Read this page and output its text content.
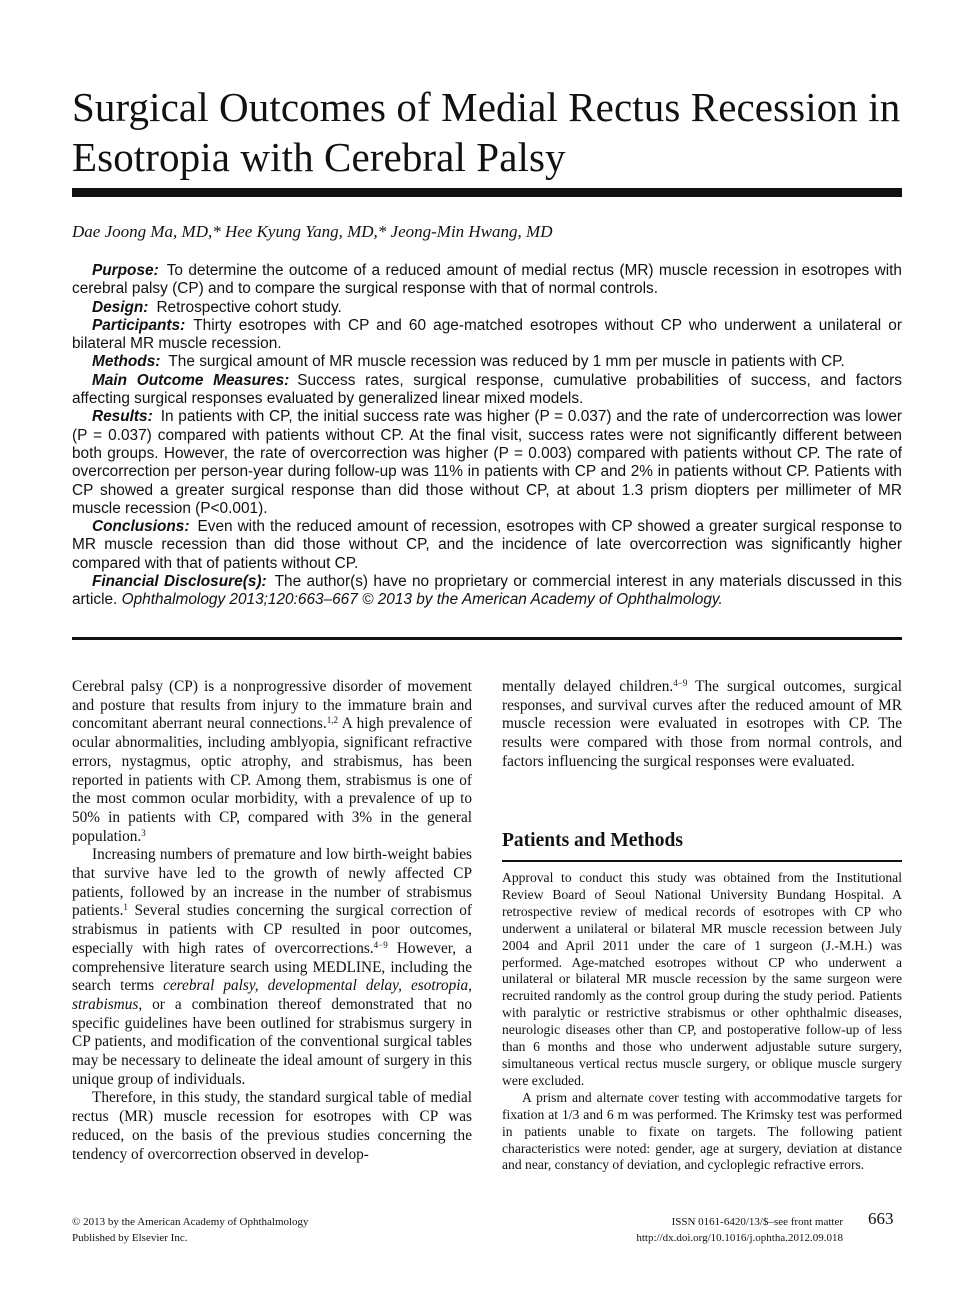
Surgical Outcomes of Medial Rectus Recession in Esotropia with Cerebral Palsy
Dae Joong Ma, MD,* Hee Kyung Yang, MD,* Jeong-Min Hwang, MD

Purpose: To determine the outcome of a reduced amount of medial rectus (MR) muscle recession in esotropes with cerebral palsy (CP) and to compare the surgical response with that of normal controls.

Design: Retrospective cohort study.

Participants: Thirty esotropes with CP and 60 age-matched esotropes without CP who underwent a unilateral or bilateral MR muscle recession.

Methods: The surgical amount of MR muscle recession was reduced by 1 mm per muscle in patients with CP.

Main Outcome Measures: Success rates, surgical response, cumulative probabilities of success, and factors affecting surgical responses evaluated by generalized linear mixed models.

Results: In patients with CP, the initial success rate was higher (P = 0.037) and the rate of undercorrection was lower (P = 0.037) compared with patients without CP. At the final visit, success rates were not significantly different between both groups. However, the rate of overcorrection was higher (P = 0.003) compared with patients without CP. The rate of overcorrection per person-year during follow-up was 11% in patients with CP and 2% in patients without CP. Patients with CP showed a greater surgical response than did those without CP, at about 1.3 prism diopters per millimeter of MR muscle recession (P<0.001).

Conclusions: Even with the reduced amount of recession, esotropes with CP showed a greater surgical response to MR muscle recession than did those without CP, and the incidence of late overcorrection was significantly higher compared with that of patients without CP.

Financial Disclosure(s): The author(s) have no proprietary or commercial interest in any materials discussed in this article. Ophthalmology 2013;120:663–667 © 2013 by the American Academy of Ophthalmology.

Cerebral palsy (CP) is a nonprogressive disorder of movement and posture that results from injury to the immature brain and concomitant aberrant neural connections.$^{1,2}$ A high prevalence of ocular abnormalities, including amblyopia, significant refractive errors, nystagmus, optic atrophy, and strabismus, has been reported in patients with CP. Among them, strabismus is one of the most common ocular morbidity, with a prevalence of up to 50% in patients with CP, compared with 3% in the general population.$^3$

Increasing numbers of premature and low birth-weight babies that survive have led to the growth of newly affected CP patients, followed by an increase in the number of strabismus patients.$^1$ Several studies concerning the surgical correction of strabismus in patients with CP resulted in poor outcomes, especially with high rates of overcorrections.$^{4-9}$ However, a comprehensive literature search using MEDLINE, including the search terms cerebral palsy, developmental delay, esotropia, strabismus, or a combination thereof demonstrated that no specific guidelines have been outlined for strabismus surgery in CP patients, and modification of the conventional surgical tables may be necessary to delineate the ideal amount of surgery in this unique group of individuals.

Therefore, in this study, the standard surgical table of medial rectus (MR) muscle recession for esotropes with CP was reduced, on the basis of the previous studies concerning the tendency of overcorrection observed in develop-

mentally delayed children.$^{4-9}$ The surgical outcomes, surgical responses, and survival curves after the reduced amount of MR muscle recession were evaluated in esotropes with CP. The results were compared with those from normal controls, and factors influencing the surgical responses were evaluated.

Patients and Methods

Approval to conduct this study was obtained from the Institutional Review Board of Seoul National University Bundang Hospital. A retrospective review of medical records of esotropes with CP who underwent a unilateral or bilateral MR muscle recession between July 2004 and April 2011 under the care of 1 surgeon (J.-M.H.) was performed. Age-matched esotropes without CP who underwent a unilateral or bilateral MR muscle recession by the same surgeon were recruited randomly as the control group during the study period. Patients with paralytic or restrictive strabismus or other ophthalmic diseases, neurologic diseases other than CP, and postoperative follow-up of less than 6 months and those who underwent adjustable suture surgery, simultaneous vertical rectus muscle surgery, or oblique muscle surgery were excluded.

A prism and alternate cover testing with accommodative targets for fixation at 1/3 and 6 m was performed. The Krimsky test was performed in patients unable to fixate on targets. The following patient characteristics were noted: gender, age at surgery, deviation at distance and near, constancy of deviation, and cycloplegic refractive errors.

© 2013 by the American Academy of Ophthalmology
Published by Elsevier Inc.
ISSN 0161-6420/13/$–see front matter
http://dx.doi.org/10.1016/j.ophtha.2012.09.018
663
